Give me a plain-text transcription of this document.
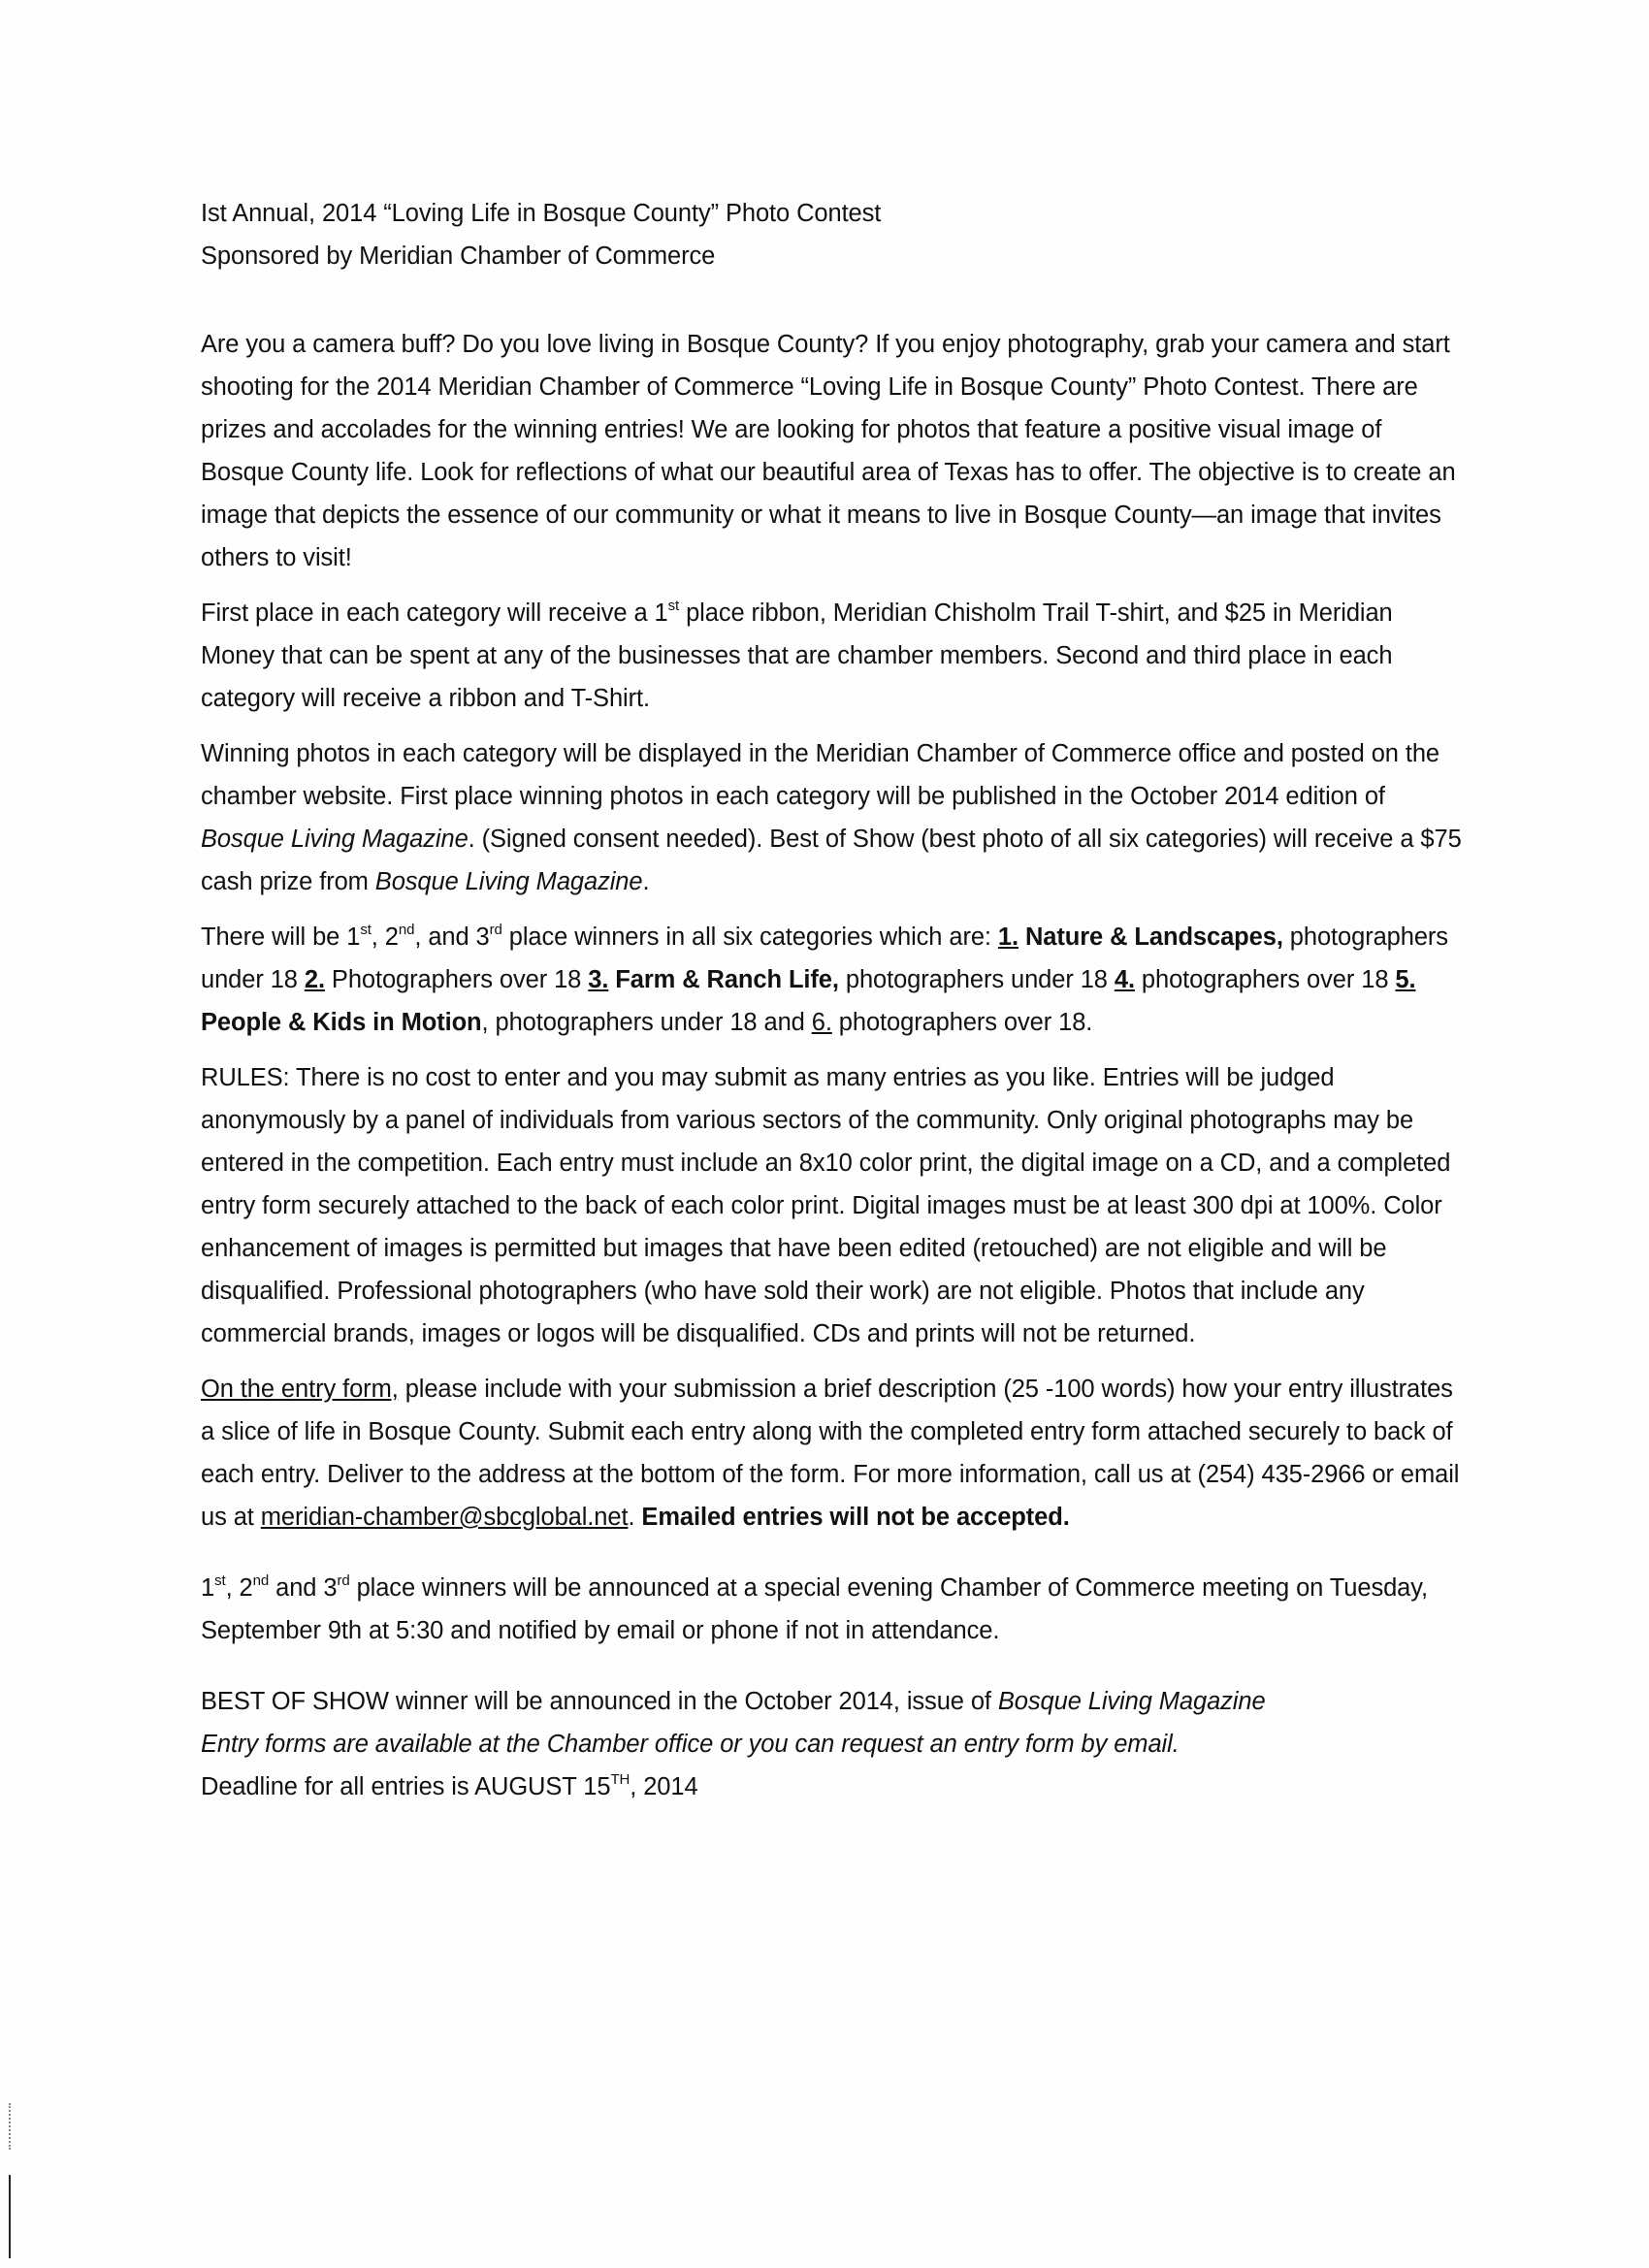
Ist Annual, 2014 “Loving Life in Bosque County” Photo Contest

Sponsored by Meridian Chamber of Commerce

Are you a camera buff? Do you love living in Bosque County? If you enjoy photography, grab your camera and start shooting for the 2014 Meridian Chamber of Commerce “Loving Life in Bosque County” Photo Contest. There are prizes and accolades for the winning entries! We are looking for photos that feature a positive visual image of Bosque County life. Look for reflections of what our beautiful area of Texas has to offer. The objective is to create an image that depicts the essence of our community or what it means to live in Bosque County—an image that invites others to visit!

First place in each category will receive a 1st place ribbon, Meridian Chisholm Trail T-shirt, and $25 in Meridian Money that can be spent at any of the businesses that are chamber members. Second and third place in each category will receive a ribbon and T-Shirt.

Winning photos in each category will be displayed in the Meridian Chamber of Commerce office and posted on the chamber website. First place winning photos in each category will be published in the October 2014 edition of Bosque Living Magazine. (Signed consent needed). Best of Show (best photo of all six categories) will receive a $75 cash prize from Bosque Living Magazine.

There will be 1st, 2nd, and 3rd place winners in all six categories which are: 1. Nature & Landscapes, photographers under 18 2. Photographers over 18 3. Farm & Ranch Life, photographers under 18 4. photographers over 18 5. People & Kids in Motion, photographers under 18 and 6. photographers over 18.

RULES: There is no cost to enter and you may submit as many entries as you like. Entries will be judged anonymously by a panel of individuals from various sectors of the community. Only original photographs may be entered in the competition. Each entry must include an 8x10 color print, the digital image on a CD, and a completed entry form securely attached to the back of each color print. Digital images must be at least 300 dpi at 100%. Color enhancement of images is permitted but images that have been edited (retouched) are not eligible and will be disqualified. Professional photographers (who have sold their work) are not eligible. Photos that include any commercial brands, images or logos will be disqualified. CDs and prints will not be returned.

On the entry form, please include with your submission a brief description (25 -100 words) how your entry illustrates a slice of life in Bosque County. Submit each entry along with the completed entry form attached securely to back of each entry. Deliver to the address at the bottom of the form. For more information, call us at (254) 435-2966 or email us at meridian-chamber@sbcglobal.net. Emailed entries will not be accepted.

1st, 2nd and 3rd place winners will be announced at a special evening Chamber of Commerce meeting on Tuesday, September 9th at 5:30 and notified by email or phone if not in attendance.

BEST OF SHOW winner will be announced in the October 2014, issue of Bosque Living Magazine

Entry forms are available at the Chamber office or you can request an entry form by email.

Deadline for all entries is AUGUST 15TH, 2014
